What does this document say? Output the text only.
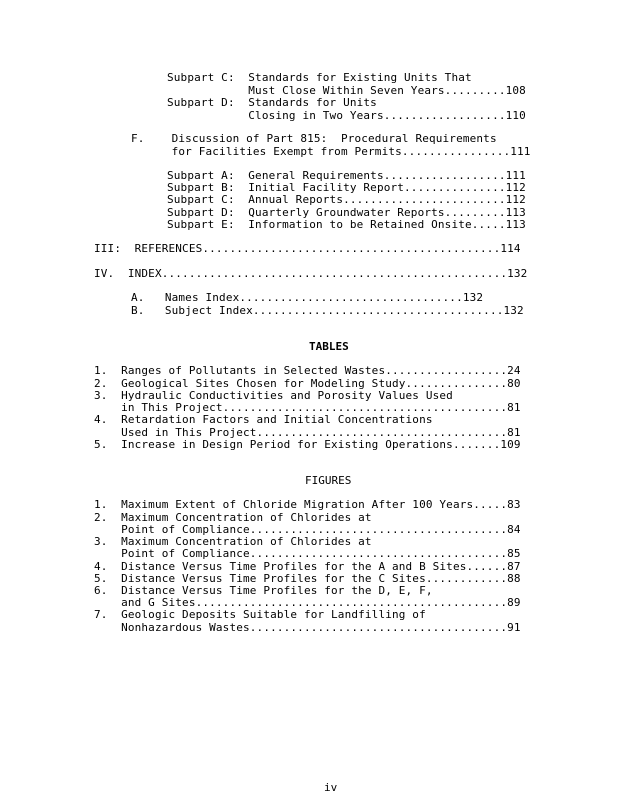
Subpart C:  Standards for Existing Units That
Must Close Within Seven Years.........108
Subpart D:  Standards for Units
Closing in Two Years..................110
F.    Discussion of Part 815:  Procedural Requirements
for Facilities Exempt from Permits................111
Subpart A:  General Requirements..................111
Subpart B:  Initial Facility Report...............112
Subpart C:  Annual Reports........................112
Subpart D:  Quarterly Groundwater Reports.........113
Subpart E:  Information to be Retained Onsite.....113
III:  REFERENCES............................................114
IV.  INDEX...................................................132
A.   Names Index.................................132
B.   Subject Index.....................................132
TABLES
1.  Ranges of Pollutants in Selected Wastes..................24
2.  Geological Sites Chosen for Modeling Study...............80
3.  Hydraulic Conductivities and Porosity Values Used
in This Project..........................................81
4.  Retardation Factors and Initial Concentrations
Used in This Project.....................................81
5.  Increase in Design Period for Existing Operations.......109
FIGURES
1.  Maximum Extent of Chloride Migration After 100 Years.....83
2.  Maximum Concentration of Chlorides at
Point of Compliance......................................84
3.  Maximum Concentration of Chlorides at
Point of Compliance......................................85
4.  Distance Versus Time Profiles for the A and B Sites......87
5.  Distance Versus Time Profiles for the C Sites............88
6.  Distance Versus Time Profiles for the D, E, F,
and G Sites..............................................89
7.  Geologic Deposits Suitable for Landfilling of
Nonhazardous Wastes......................................91
iv
